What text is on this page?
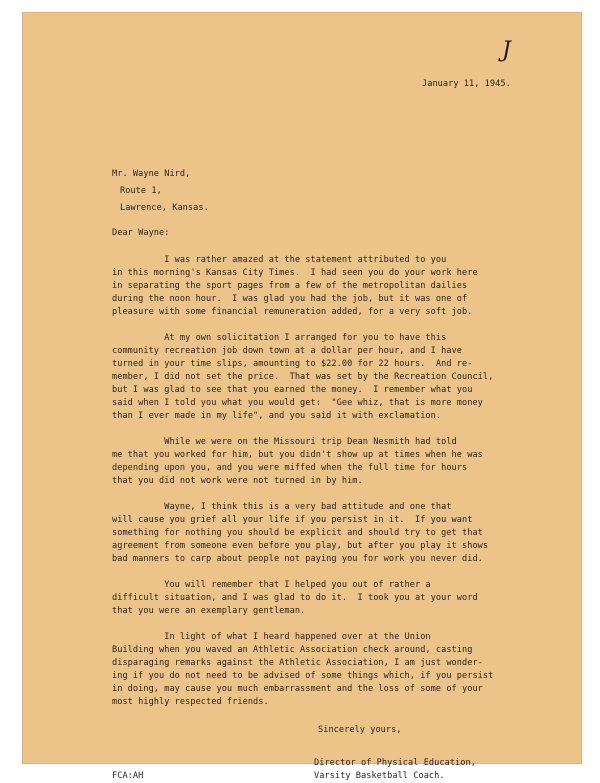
J
January 11, 1945.
Mr. Wayne Nird,
Route 1,
Lawrence, Kansas.
Dear Wayne:
I was rather amazed at the statement attributed to you
in this morning's Kansas City Times.  I had seen you do your work here
in separating the sport pages from a few of the metropolitan dailies
during the noon hour.  I was glad you had the job, but it was one of
pleasure with some financial remuneration added, for a very soft job.
At my own solicitation I arranged for you to have this
community recreation job down town at a dollar per hour, and I have
turned in your time slips, amounting to $22.00 for 22 hours.  And re-
member, I did not set the price.  That was set by the Recreation Council,
but I was glad to see that you earned the money.  I remember what you
said when I told you what you would get:  "Gee whiz, that is more money
than I ever made in my life", and you said it with exclamation.
While we were on the Missouri trip Dean Nesmith had told
me that you worked for him, but you didn't show up at times when he was
depending upon you, and you were miffed when the full time for hours
that you did not work were not turned in by him.
Wayne, I think this is a very bad attitude and one that
will cause you grief all your life if you persist in it.  If you want
something for nothing you should be explicit and should try to get that
agreement from someone even before you play, but after you play it shows
bad manners to carp about people not paying you for work you never did.
You will remember that I helped you out of rather a
difficult situation, and I was glad to do it.  I took you at your word
that you were an exemplary gentleman.
In light of what I heard happened over at the Union
Building when you waved an Athletic Association check around, casting
disparaging remarks against the Athletic Association, I am just wonder-
ing if you do not need to be advised of some things which, if you persist
in doing, may cause you much embarrassment and the loss of some of your
most highly respected friends.
Sincerely yours,
Director of Physical Education,
Varsity Basketball Coach.
FCA:AH
